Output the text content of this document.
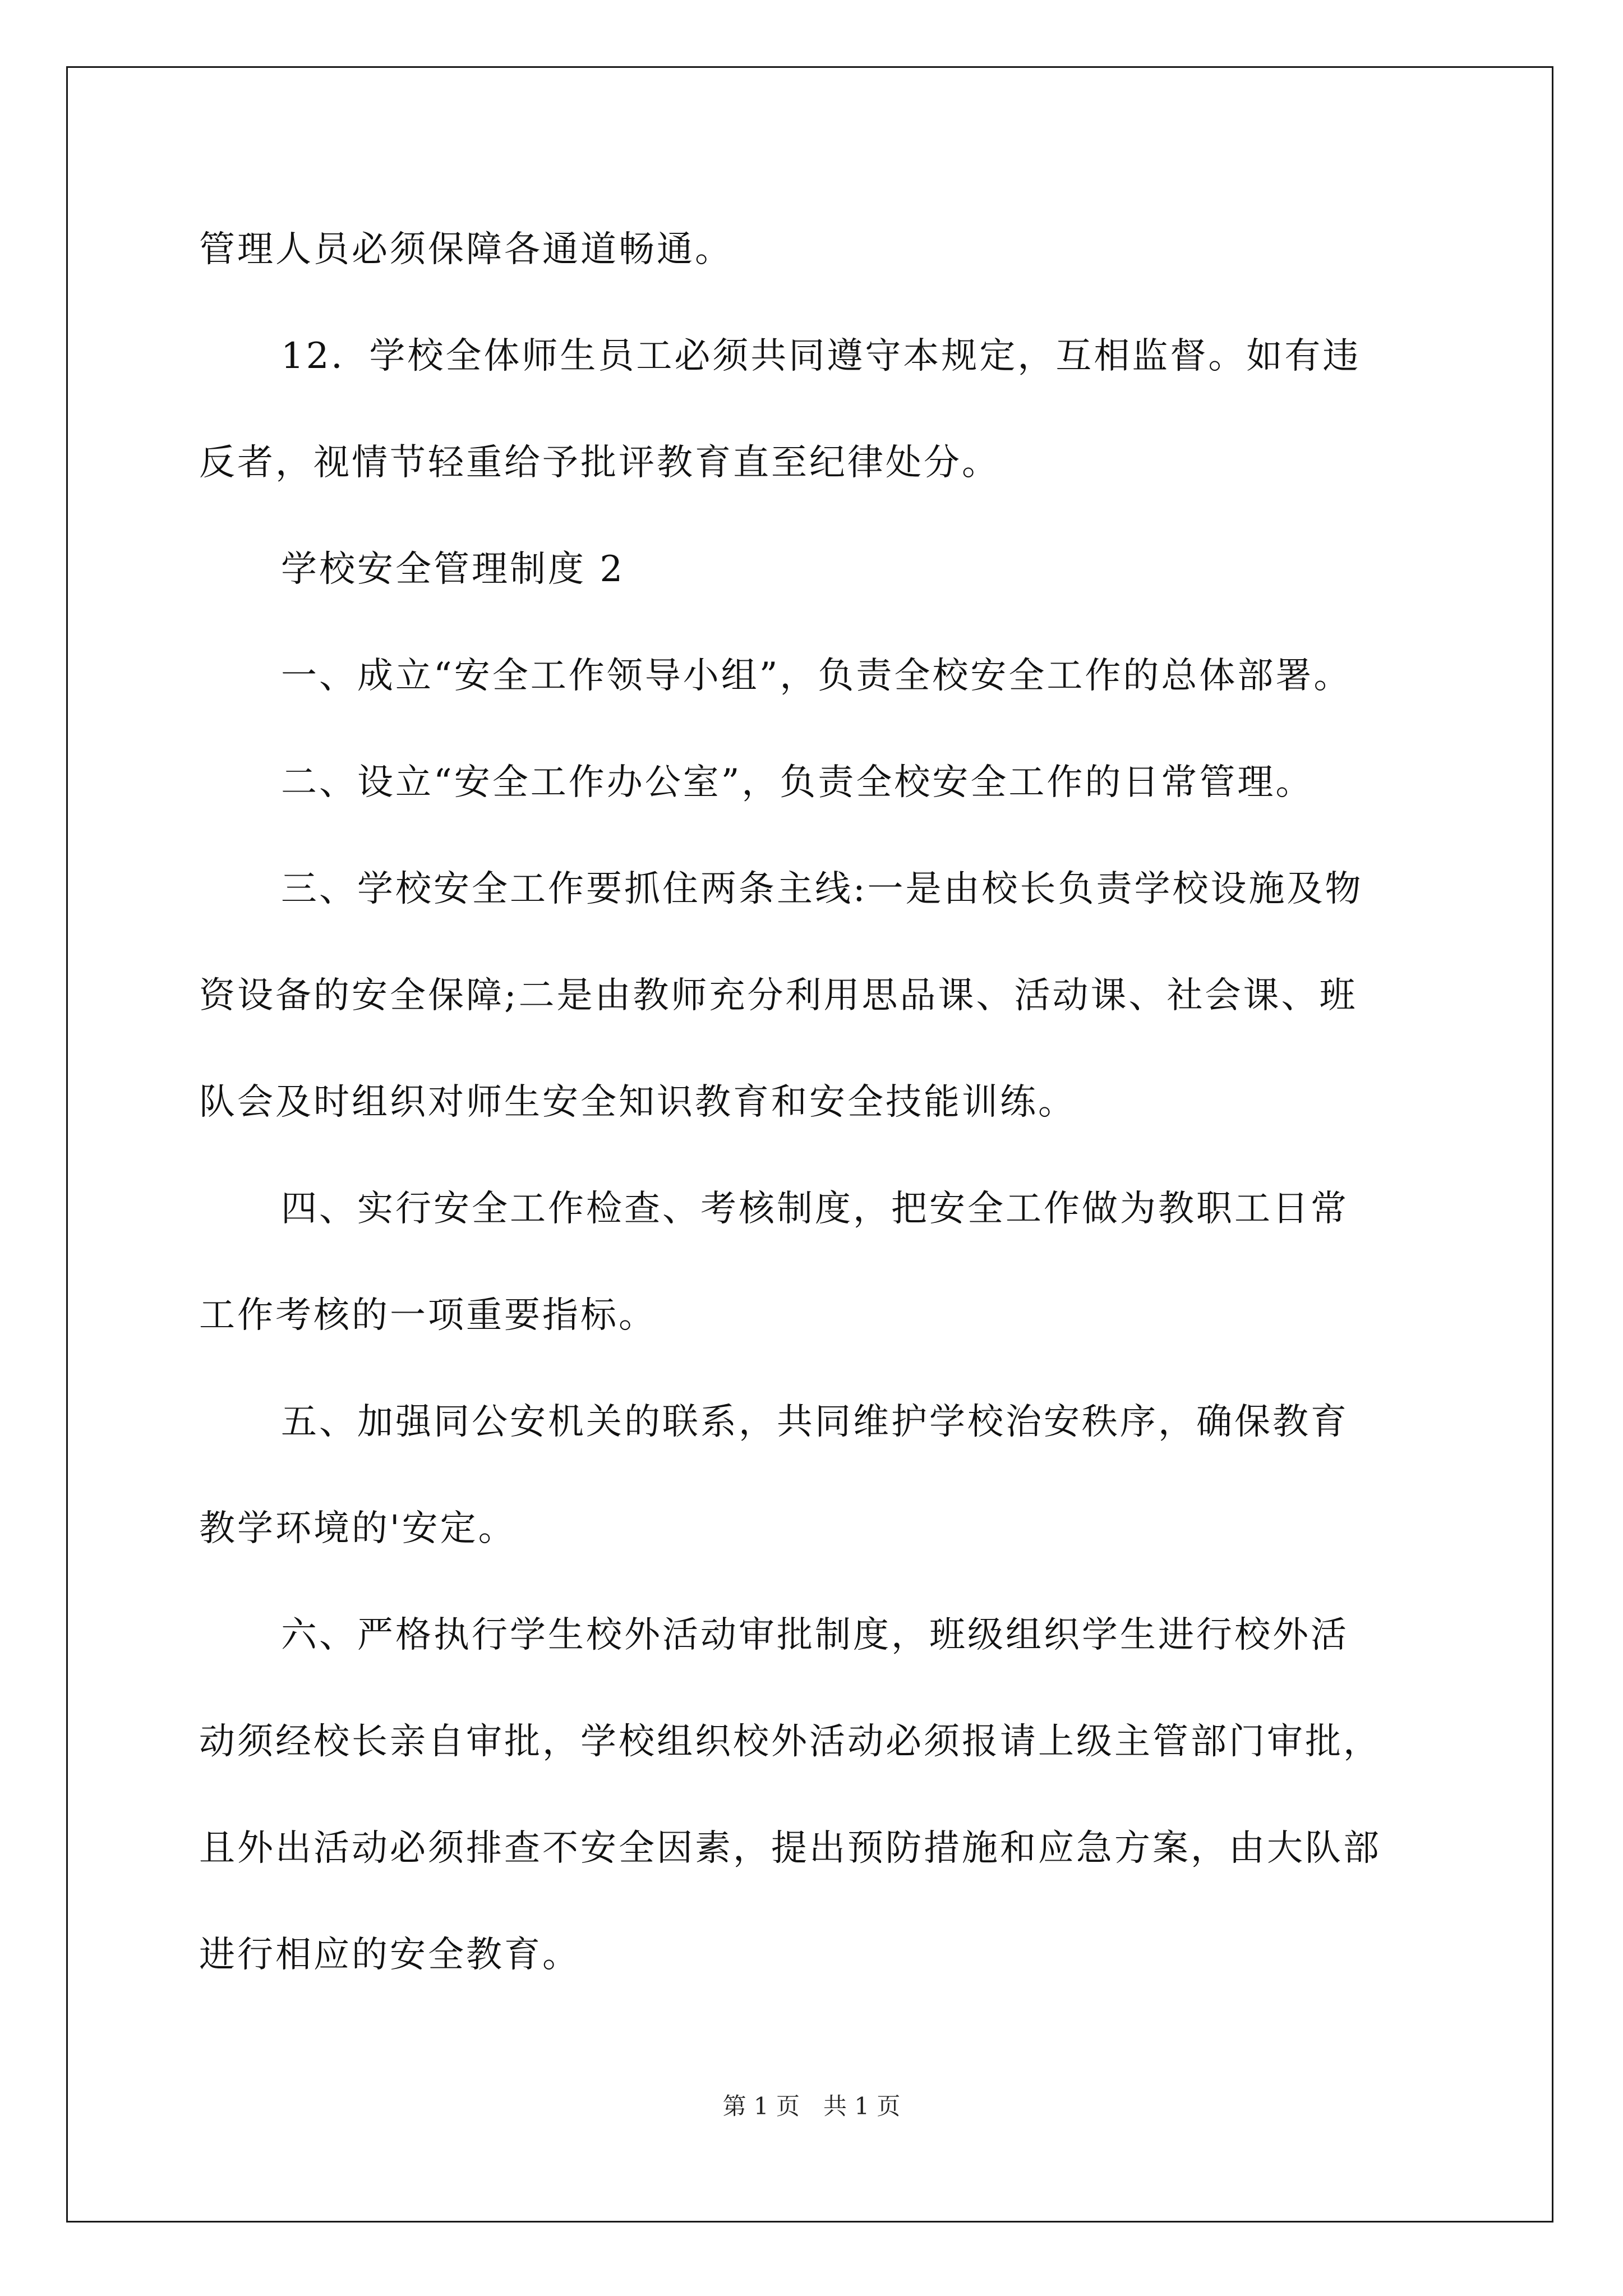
管理人员必须保障各通道畅通。
12．学校全体师生员工必须共同遵守本规定，互相监督。如有违
反者，视情节轻重给予批评教育直至纪律处分。
学校安全管理制度 2
一、成立“安全工作领导小组”，负责全校安全工作的总体部署。
二、设立“安全工作办公室”，负责全校安全工作的日常管理。
三、学校安全工作要抓住两条主线:一是由校长负责学校设施及物
资设备的安全保障;二是由教师充分利用思品课、活动课、社会课、班
队会及时组织对师生安全知识教育和安全技能训练。
四、实行安全工作检查、考核制度，把安全工作做为教职工日常
工作考核的一项重要指标。
五、加强同公安机关的联系，共同维护学校治安秩序，确保教育
教学环境的'安定。
六、严格执行学生校外活动审批制度，班级组织学生进行校外活
动须经校长亲自审批，学校组织校外活动必须报请上级主管部门审批，
且外出活动必须排查不安全因素，提出预防措施和应急方案，由大队部
进行相应的安全教育。
第 1 页　共 1 页
